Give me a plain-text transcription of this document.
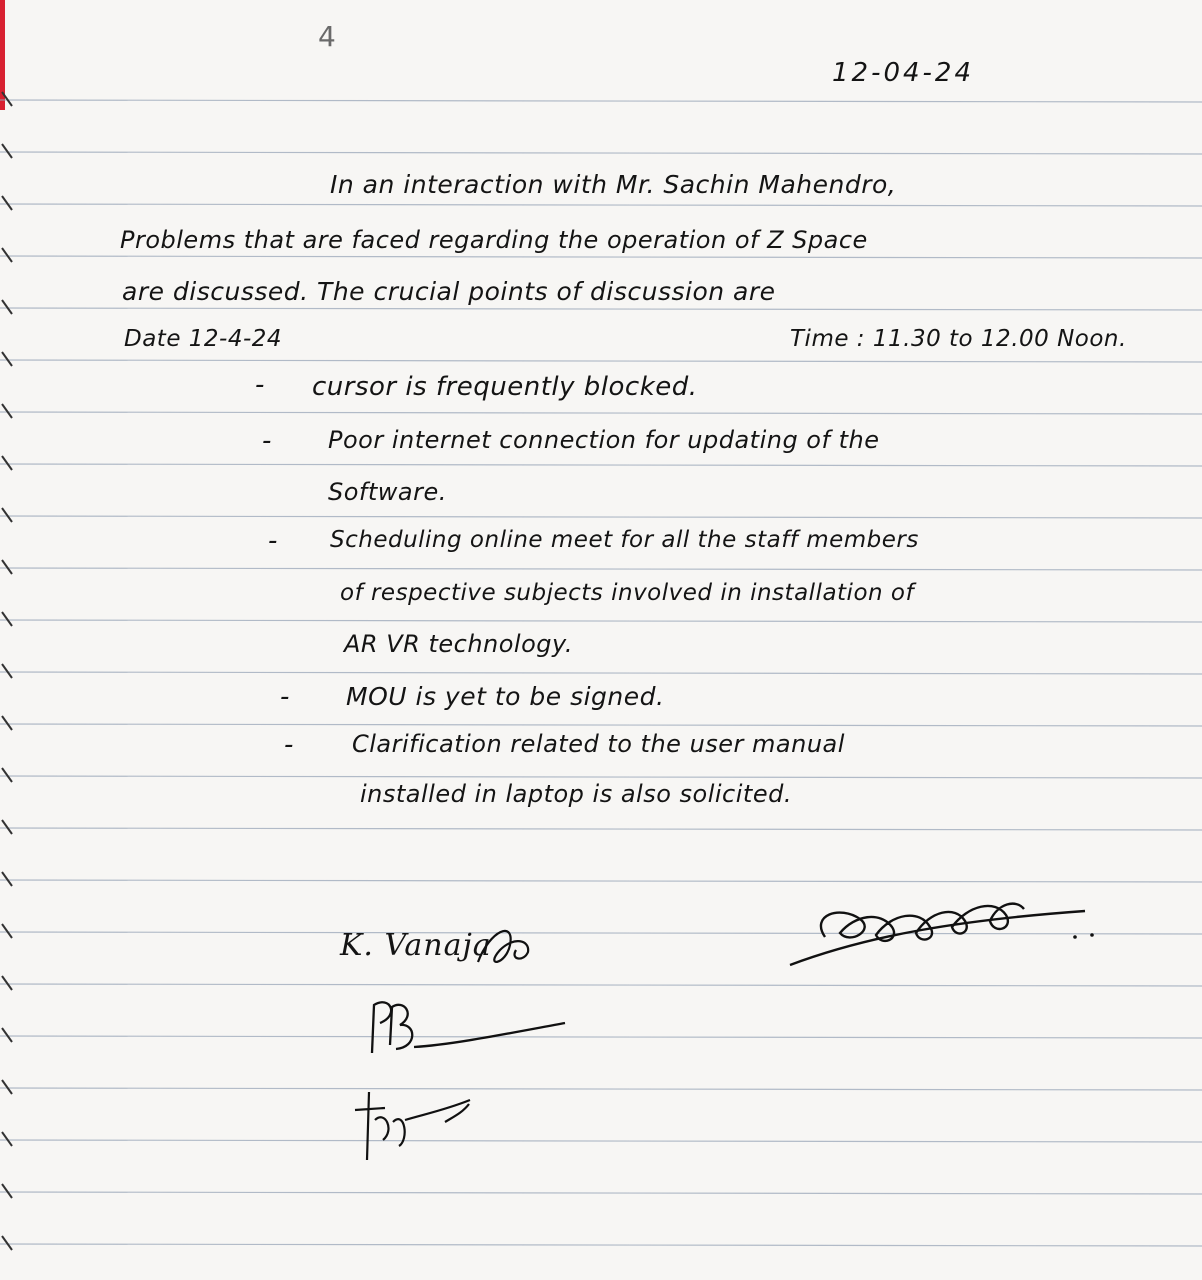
4
12-04-24
In an interaction with Mr. Sachin Mahendro,
Problems that are faced regarding the operation of Z Space
are discussed. The crucial points of discussion are
Date 12-4-24	Time : 11.30 to 12.00 Noon.
- cursor is frequently blocked.
- Poor internet connection for updating of the
Software.
- Scheduling online meet for all the staff members
of respective subjects involved in installation of
AR VR technology.
- MOU is yet to be signed.
- Clarification related to the user manual
installed in laptop is also solicited.
K. Vanaja
